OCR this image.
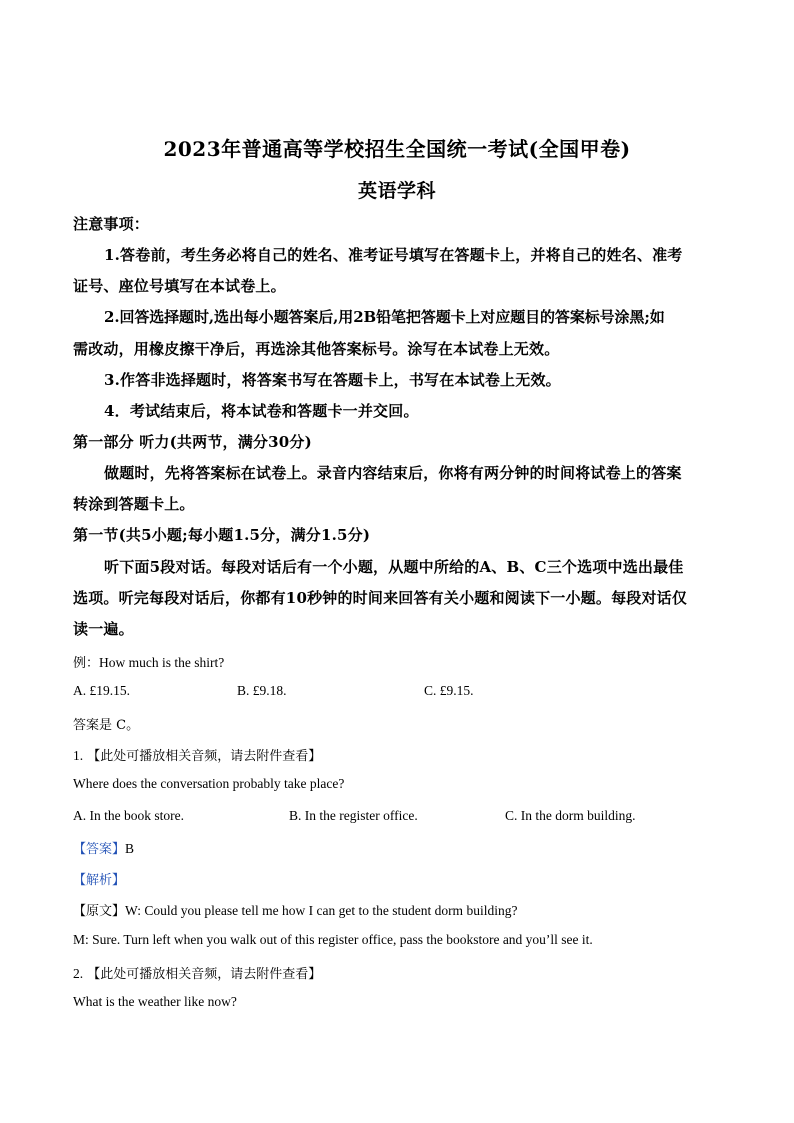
2023年普通高等学校招生全国统一考试(全国甲卷)
英语学科
注意事项：
1.答卷前，考生务必将自己的姓名、准考证号填写在答题卡上，并将自己的姓名、准考
证号、座位号填写在本试卷上。
2.回答选择题时,选出每小题答案后,用2B铅笔把答题卡上对应题目的答案标号涂黑;如
需改动，用橡皮擦干净后，再选涂其他答案标号。涂写在本试卷上无效。
3.作答非选择题时，将答案书写在答题卡上，书写在本试卷上无效。
4．考试结束后，将本试卷和答题卡一并交回。
第一部分 听力(共两节，满分30分)
做题时，先将答案标在试卷上。录音内容结束后，你将有两分钟的时间将试卷上的答案
转涂到答题卡上。
第一节(共5小题;每小题1.5分，满分1.5分)
听下面5段对话。每段对话后有一个小题，从题中所给的A、B、C三个选项中选出最佳
选项。听完每段对话后，你都有10秒钟的时间来回答有关小题和阅读下一小题。每段对话仅
读一遍。
例：How much is the shirt?
A. £19.15.	B. £9.18.	C. £9.15.
答案是 C。
1. 【此处可播放相关音频，请去附件查看】
Where does the conversation probably take place?
A. In the book store.	B. In the register office.	C. In the dorm building.
【答案】B
【解析】
【原文】W: Could you please tell me how I can get to the student dorm building?
M: Sure. Turn left when you walk out of this register office, pass the bookstore and you’ll see it.
2. 【此处可播放相关音频，请去附件查看】
What is the weather like now?
